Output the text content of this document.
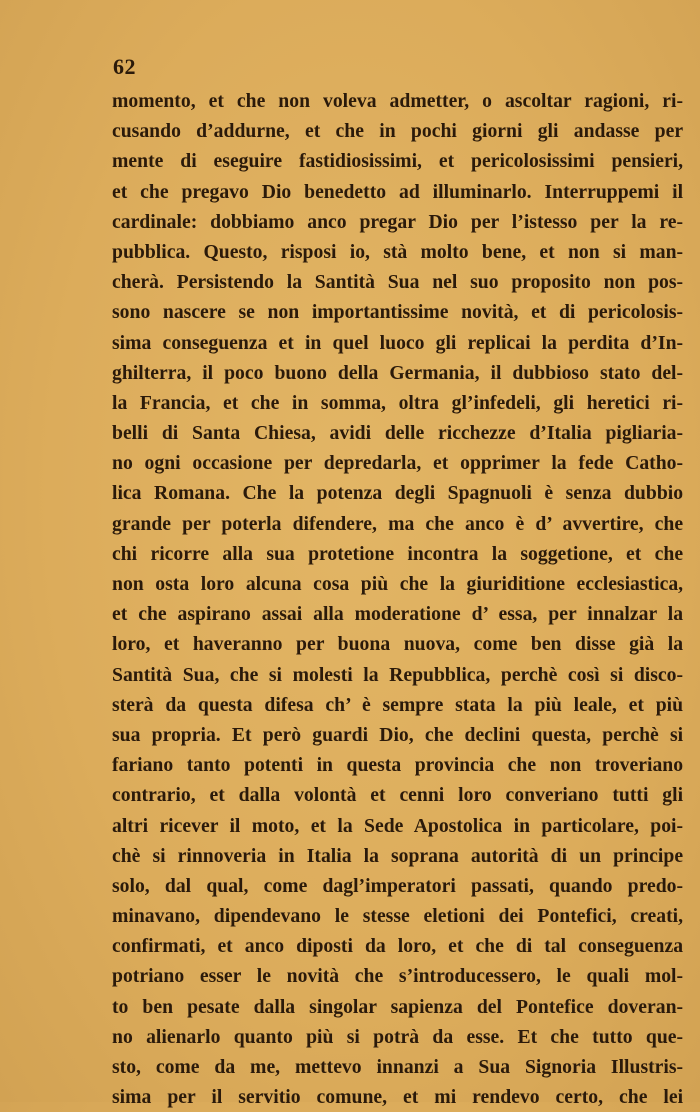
62
momento, et che non voleva admetter, o ascoltar ragioni, ri-
cusando d’addurne, et che in pochi giorni gli andasse per
mente di eseguire fastidiosissimi, et pericolosissimi pensieri,
et che pregavo Dio benedetto ad illuminarlo. Interruppemi il
cardinale: dobbiamo anco pregar Dio per l’istesso per la re-
pubblica. Questo, risposi io, stà molto bene, et non si man-
cherà. Persistendo la Santità Sua nel suo proposito non pos-
sono nascere se non importantissime novità, et di pericolosis-
sima conseguenza et in quel luoco gli replicai la perdita d’In-
ghilterra, il poco buono della Germania, il dubbioso stato del-
la Francia, et che in somma, oltra gl’infedeli, gli heretici ri-
belli di Santa Chiesa, avidi delle ricchezze d’Italia pigliaria-
no ogni occasione per depredarla, et opprimer la fede Catho-
lica Romana. Che la potenza degli Spagnuoli è senza dubbio
grande per poterla difendere, ma che anco è d’ avvertire, che
chi ricorre alla sua protetione incontra la soggetione, et che
non osta loro alcuna cosa più che la giuriditione ecclesiastica,
et che aspirano assai alla moderatione d’ essa, per innalzar la
loro, et haveranno per buona nuova, come ben disse già la
Santità Sua, che si molesti la Repubblica, perchè così si disco-
sterà da questa difesa ch’ è sempre stata la più leale, et più
sua propria. Et però guardi Dio, che declini questa, perchè si
fariano tanto potenti in questa provincia che non troveriano
contrario, et dalla volontà et cenni loro converiano tutti gli
altri ricever il moto, et la Sede Apostolica in particolare, poi-
chè si rinnoveria in Italia la soprana autorità di un principe
solo, dal qual, come dagl’imperatori passati, quando predo-
minavano, dipendevano le stesse eletioni dei Pontefici, creati,
confirmati, et anco diposti da loro, et che di tal conseguenza
potriano esser le novità che s’introducessero, le quali mol-
to ben pesate dalla singolar sapienza del Pontefice doveran-
no alienarlo quanto più si potrà da esse. Et che tutto que-
sto, come da me, mettevo innanzi a Sua Signoria Illustris-
sima per il servitio comune, et mi rendevo certo, che lei
